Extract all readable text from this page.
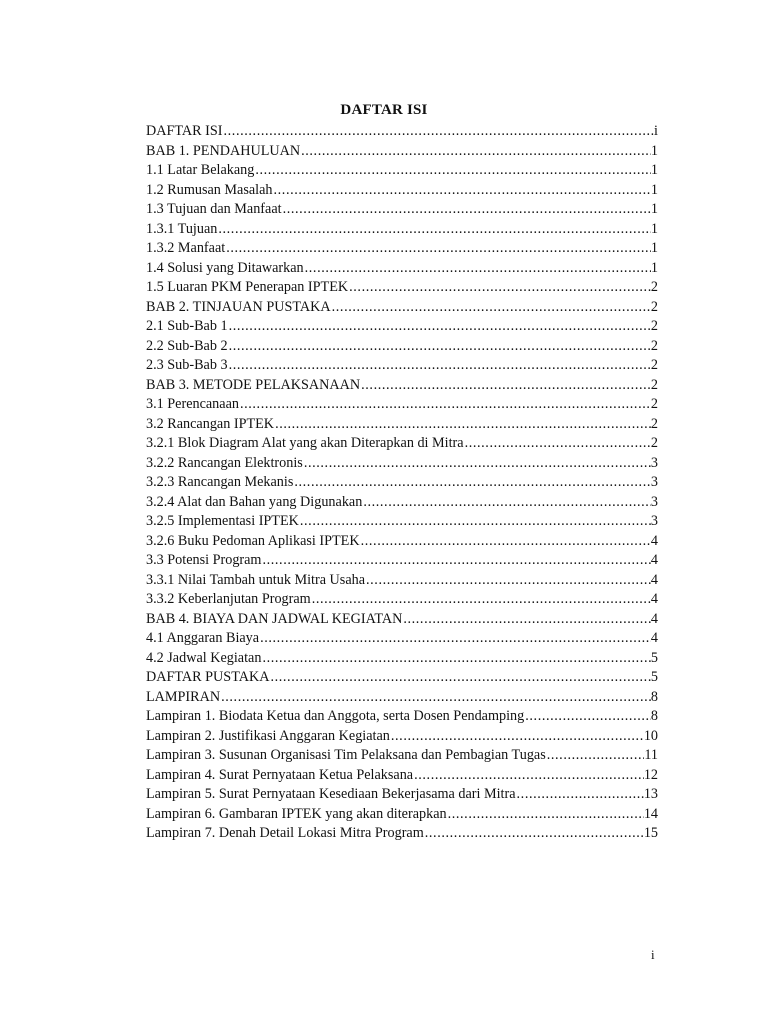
DAFTAR ISI
DAFTAR ISI .....	i
BAB 1. PENDAHULUAN .....	1
1.1 Latar Belakang .....	1
1.2 Rumusan Masalah .....	1
1.3 Tujuan dan Manfaat .....	1
1.3.1 Tujuan .....	1
1.3.2 Manfaat .....	1
1.4 Solusi yang Ditawarkan .....	1
1.5 Luaran PKM Penerapan IPTEK .....	2
BAB 2. TINJAUAN PUSTAKA .....	2
2.1 Sub-Bab 1 .....	2
2.2 Sub-Bab 2 .....	2
2.3 Sub-Bab 3 .....	2
BAB 3. METODE PELAKSANAAN .....	2
3.1 Perencanaan .....	2
3.2 Rancangan IPTEK .....	2
3.2.1 Blok Diagram Alat yang akan Diterapkan di Mitra .....	2
3.2.2 Rancangan Elektronis .....	3
3.2.3 Rancangan Mekanis .....	3
3.2.4 Alat dan Bahan yang Digunakan .....	3
3.2.5 Implementasi IPTEK .....	3
3.2.6 Buku Pedoman Aplikasi IPTEK .....	4
3.3 Potensi Program .....	4
3.3.1 Nilai Tambah untuk Mitra Usaha .....	4
3.3.2 Keberlanjutan Program .....	4
BAB 4. BIAYA DAN JADWAL KEGIATAN .....	4
4.1 Anggaran Biaya .....	4
4.2 Jadwal Kegiatan .....	5
DAFTAR PUSTAKA .....	5
LAMPIRAN .....	8
Lampiran 1. Biodata Ketua dan Anggota, serta Dosen Pendamping .....	8
Lampiran 2. Justifikasi Anggaran Kegiatan .....	10
Lampiran 3. Susunan Organisasi Tim Pelaksana dan Pembagian Tugas .....	11
Lampiran 4. Surat Pernyataan Ketua Pelaksana .....	12
Lampiran 5. Surat Pernyataan Kesediaan Bekerjasama dari Mitra .....	13
Lampiran 6. Gambaran IPTEK yang akan diterapkan .....	14
Lampiran 7. Denah Detail Lokasi Mitra Program .....	15
i
